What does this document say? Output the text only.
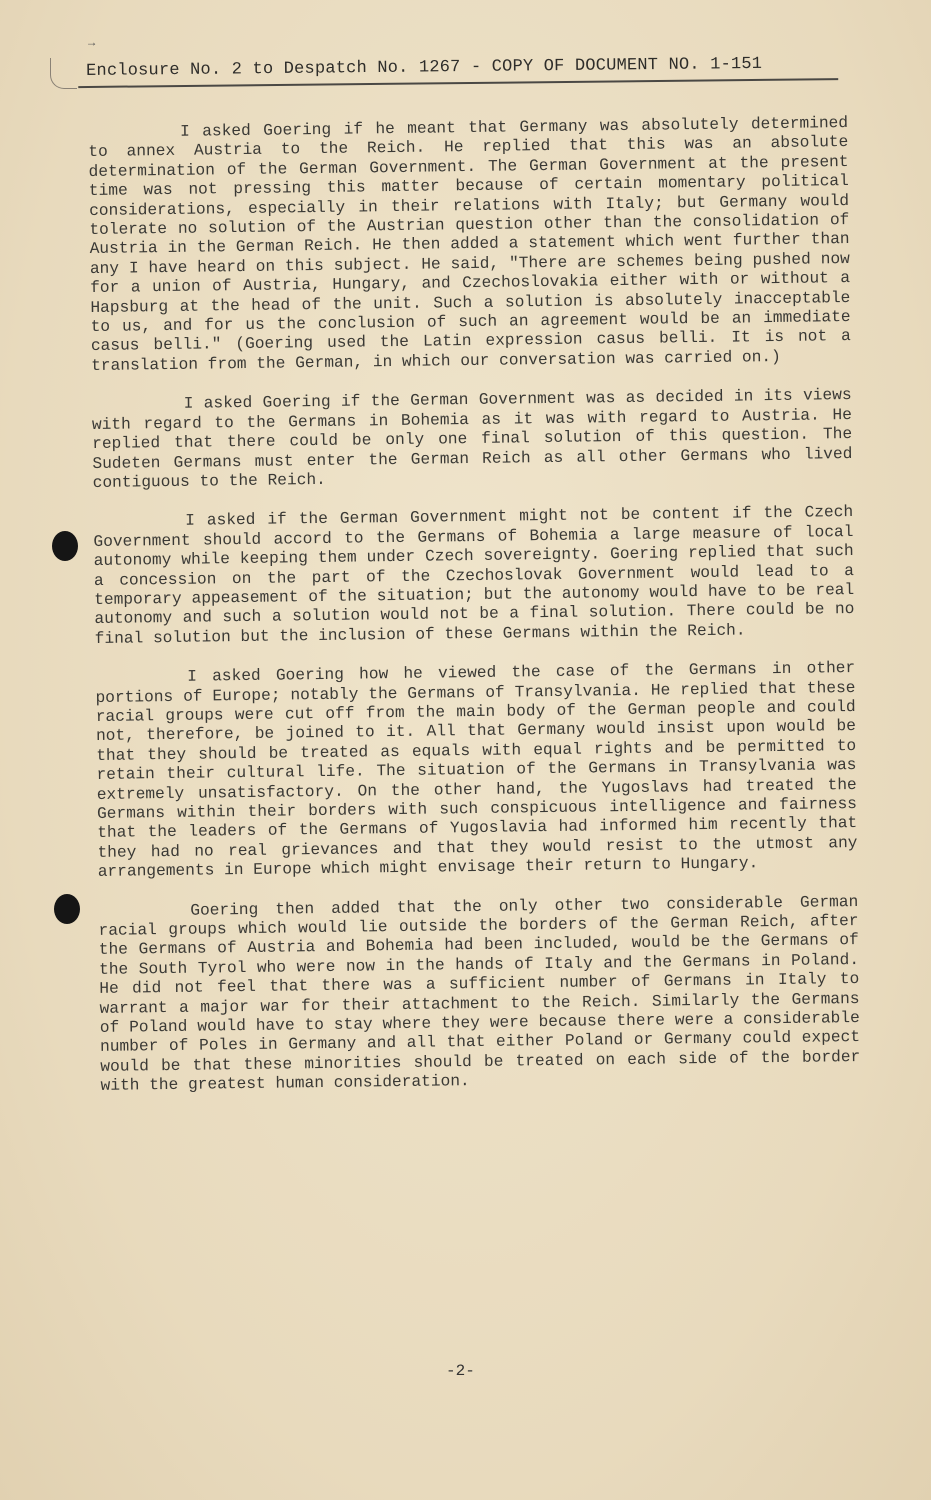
→
Enclosure No. 2 to Despatch No. 1267 - COPY OF DOCUMENT NO. 1-151

I asked Goering if he meant that Germany was absolutely determined to annex Austria to the Reich. He replied that this was an absolute determination of the German Government. The German Government at the present time was not pressing this matter because of certain momentary political considerations, especially in their relations with Italy; but Germany would tolerate no solution of the Austrian question other than the consolidation of Austria in the German Reich. He then added a statement which went further than any I have heard on this subject. He said, "There are schemes being pushed now for a union of Austria, Hungary, and Czechoslovakia either with or without a Hapsburg at the head of the unit. Such a solution is absolutely inacceptable to us, and for us the conclusion of such an agreement would be an immediate casus belli." (Goering used the Latin expression casus belli. It is not a translation from the German, in which our conversation was carried on.)

I asked Goering if the German Government was as decided in its views with regard to the Germans in Bohemia as it was with regard to Austria. He replied that there could be only one final solution of this question. The Sudeten Germans must enter the German Reich as all other Germans who lived contiguous to the Reich.

I asked if the German Government might not be content if the Czech Government should accord to the Germans of Bohemia a large measure of local autonomy while keeping them under Czech sovereignty. Goering replied that such a concession on the part of the Czechoslovak Government would lead to a temporary appeasement of the situation; but the autonomy would have to be real autonomy and such a solution would not be a final solution. There could be no final solution but the inclusion of these Germans within the Reich.

I asked Goering how he viewed the case of the Germans in other portions of Europe; notably the Germans of Transylvania. He replied that these racial groups were cut off from the main body of the German people and could not, therefore, be joined to it. All that Germany would insist upon would be that they should be treated as equals with equal rights and be permitted to retain their cultural life. The situation of the Germans in Transylvania was extremely unsatisfactory. On the other hand, the Yugoslavs had treated the Germans within their borders with such conspicuous intelligence and fairness that the leaders of the Germans of Yugoslavia had informed him recently that they had no real grievances and that they would resist to the utmost any arrangements in Europe which might envisage their return to Hungary.

Goering then added that the only other two considerable German racial groups which would lie outside the borders of the German Reich, after the Germans of Austria and Bohemia had been included, would be the Germans of the South Tyrol who were now in the hands of Italy and the Germans in Poland. He did not feel that there was a sufficient number of Germans in Italy to warrant a major war for their attachment to the Reich. Similarly the Germans of Poland would have to stay where they were because there were a considerable number of Poles in Germany and all that either Poland or Germany could expect would be that these minorities should be treated on each side of the border with the greatest human consideration.

-2-
